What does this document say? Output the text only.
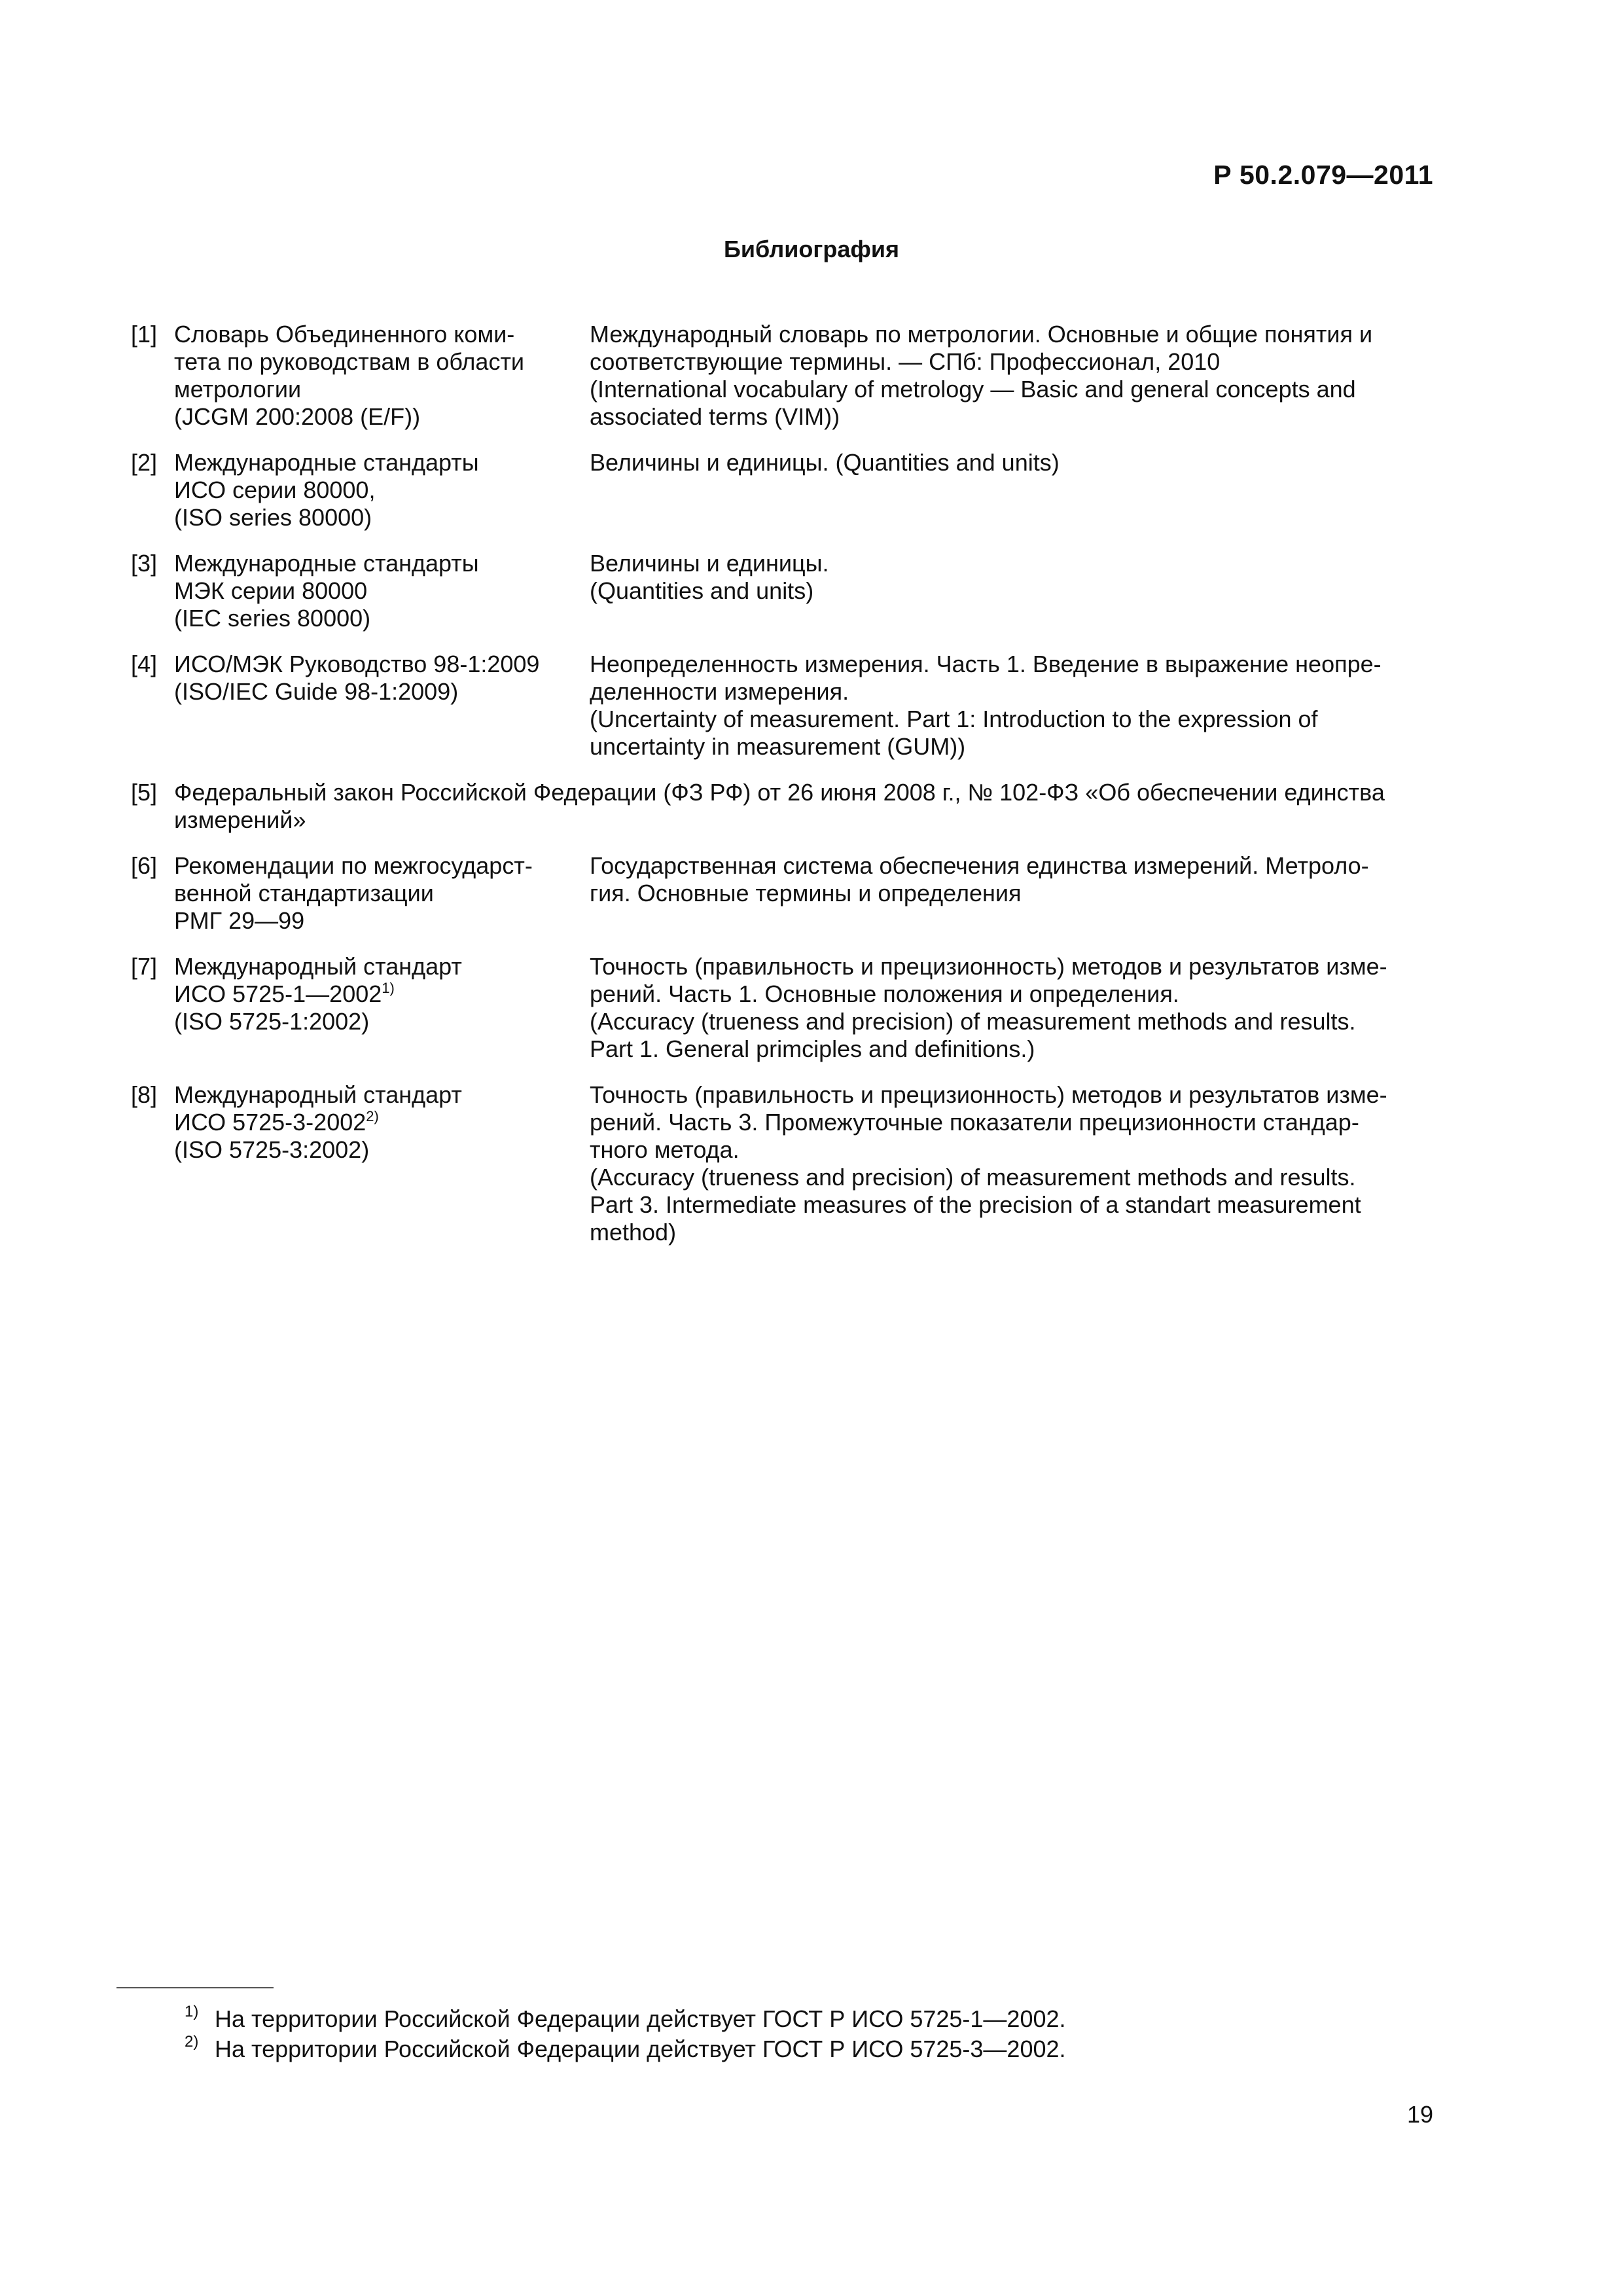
Р 50.2.079—2011
Библиография
[1] Словарь Объединенного коми-
тета по руководствам в области
метрологии
(JCGM 200:2008 (E/F))
Международный словарь по метрологии. Основные и общие понятия и
соответствующие термины. — СПб: Профессионал, 2010
(International vocabulary of metrology — Basic and general concepts and
associated terms (VIM))
[2] Международные стандарты
ИСО серии 80000,
(ISO series 80000)
Величины и единицы. (Quantities and units)
[3] Международные стандарты
МЭК серии 80000
(IEC series 80000)
Величины и единицы.
(Quantities and units)
[4] ИСО/МЭК Руководство 98-1:2009
(ISO/IEC Guide 98-1:2009)
Неопределенность измерения. Часть 1. Введение в выражение неопре-
деленности измерения.
(Uncertainty of measurement. Part 1: Introduction to the expression of
uncertainty in measurement (GUM))
[5] Федеральный закон Российской Федерации (ФЗ РФ) от 26 июня 2008 г., № 102-ФЗ «Об обеспечении единства
измерений»
[6] Рекомендации по межгосударст-
венной стандартизации
РМГ 29—99
Государственная система обеспечения единства измерений. Метроло-
гия. Основные термины и определения
[7] Международный стандарт
ИСО 5725-1—2002$^{1)}$
(ISO 5725-1:2002)
Точность (правильность и прецизионность) методов и результатов изме-
рений. Часть 1. Основные положения и определения.
(Accuracy (trueness and precision) of measurement methods and results.
Part 1. General primciples and definitions.)
[8] Международный стандарт
ИСО 5725-3-2002$^{2)}$
(ISO 5725-3:2002)
Точность (правильность и прецизионность) методов и результатов изме-
рений. Часть 3. Промежуточные показатели прецизионности стандар-
тного метода.
(Accuracy (trueness and precision) of measurement methods and results.
Part 3. Intermediate measures of the precision of a standart measurement
method)
1) На территории Российской Федерации действует ГОСТ Р ИСО 5725-1—2002.
2) На территории Российской Федерации действует ГОСТ Р ИСО 5725-3—2002.
19
